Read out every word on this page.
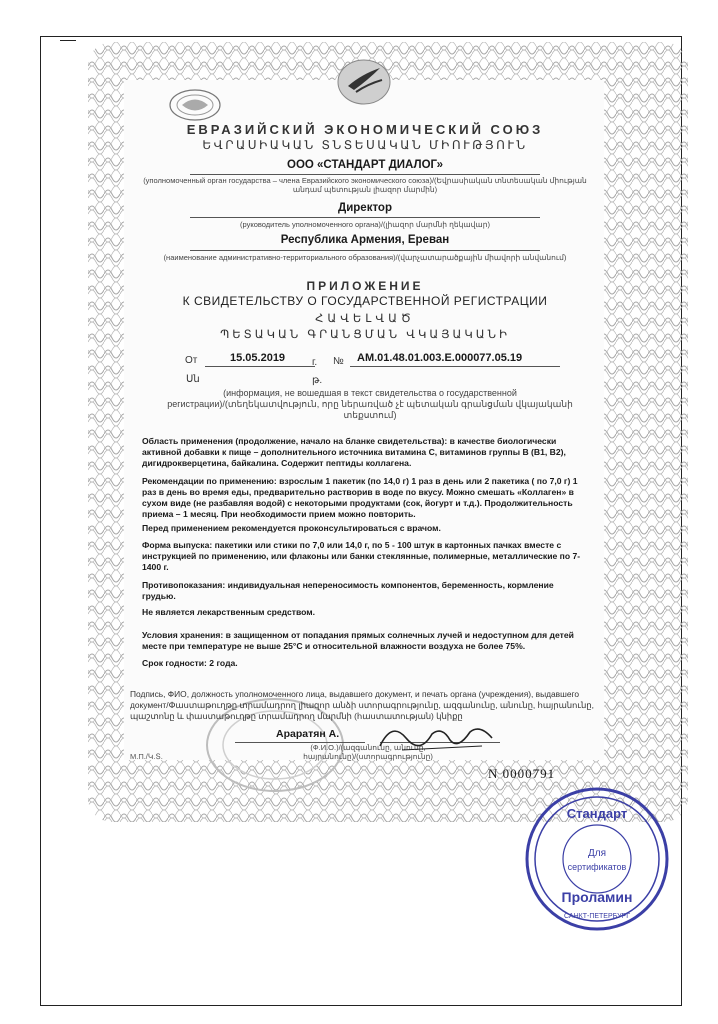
ЕВРАЗИЙСКИЙ ЭКОНОМИЧЕСКИЙ СОЮЗ
ԵՎՐԱՍԻԱԿԱՆ ՏՆՏԵՍԱԿԱՆ ՄԻՈՒԹՅՈՒՆ
ООО «СТАНДАРТ ДИАЛОГ»
(уполномоченный орган государства – члена Евразийского экономического союза)/(Եվրասիական տնտեսական միության անդամ պետության լիազոր մարմին)
Директор
(руководитель уполномоченного органа)/(լիազոր մարմնի ղեկավար)
Республика Армения, Ереван
(наименование административно-территориального образования)/(վարչատարածքային միավորի անվանում)
ПРИЛОЖЕНИЕ
К СВИДЕТЕЛЬСТВУ О ГОСУДАРСТВЕННОЙ РЕГИСТРАЦИИ
ՀԱՎԵԼՎԱԾ
ՊԵՏԱԿԱՆ ԳՐԱՆՑՄԱՆ ՎԿԱՅԱԿԱՆԻ
От	15.05.2019	г. № AM.01.48.01.003.E.000077.05.19
Սն	թ.
(информация, не вошедшая в текст свидетельства о государственной регистрации)/(տեղեկատվություն, որը ներառված չէ պետական գրանցման վկայականի տեքստում)
Область применения (продолжение, начало на бланке свидетельства): в качестве биологически активной добавки к пище – дополнительного источника витамина С, витаминов группы В (В1, В2), дигидрокверцетина, байкалина. Содержит пептиды коллагена.
Рекомендации по применению: взрослым 1 пакетик (по 14,0 г) 1 раз в день или 2 пакетика ( по 7,0 г) 1 раз в день во время еды, предварительно растворив в воде по вкусу. Можно смешать «Коллаген» в сухом виде (не разбавляя водой) с некоторыми продуктами (сок, йогурт и т.д.). Продолжительность приема – 1 месяц. При необходимости прием можно повторить.
Перед применением рекомендуется проконсультироваться с врачом.
Форма выпуска: пакетики или стики по 7,0 или 14,0 г, по 5 - 100 штук в картонных пачках вместе с инструкцией по применению, или флаконы или банки стеклянные, полимерные, металлические по 7-1400 г.
Противопоказания: индивидуальная непереносимость компонентов, беременность, кормление грудью.
Не является лекарственным средством.
Условия хранения: в защищенном от попадания прямых солнечных лучей и недоступном для детей месте при температуре не выше 25°С и относительной влажности воздуха не более 75%.
Срок годности: 2 года.
Подпись, ФИО, должность уполномоченного лица, выдавшего документ, и печать органа (учреждения), выдавшего документ/Փաստաթուղթը տրամադրող լիազոր անձի ստորագրությունը, ազգանունը, անունը, հայրանունը, պաշտոնը և փաստաթուղթը տրամադրող մարմնի (հաստատության) կնիքը
Араратян А.
(Ф.И.О.)/(ազգանունը, անունը, հայրանունը)/(ստորագրությունը)
М.П./Կ.Տ.
N 0000791
Стандарт
Для
сертификатов
Проламин
САНКТ-ПЕТЕРБУРГ
